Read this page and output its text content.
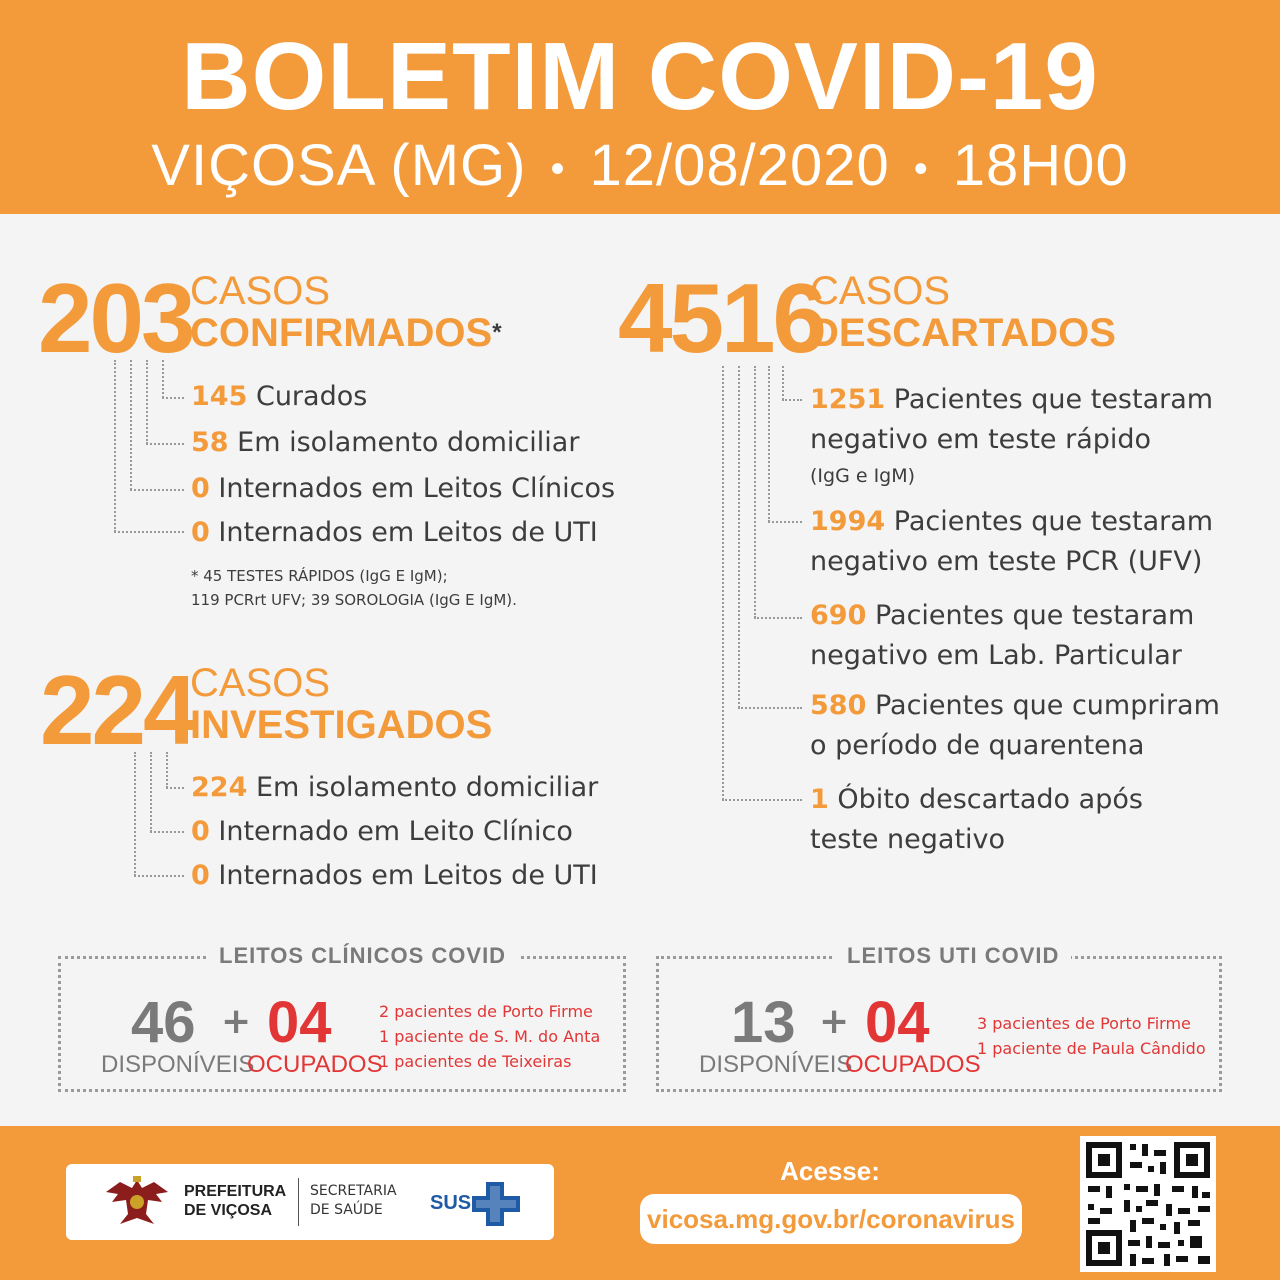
BOLETIM COVID-19
VIÇOSA (MG) • 12/08/2020 • 18H00
203
CASOS
CONFIRMADOS*
145 Curados
58 Em isolamento domiciliar
0 Internados em Leitos Clínicos
0 Internados em Leitos de UTI
* 45 TESTES RÁPIDOS (IgG E IgM);
119 PCRrt UFV; 39 SOROLOGIA (IgG E IgM).
224
CASOS
INVESTIGADOS
224 Em isolamento domiciliar
0 Internado em Leito Clínico
0 Internados em Leitos de UTI
4516
CASOS
DESCARTADOS
1251 Pacientes que testaram
negativo em teste rápido
(IgG e IgM)
1994 Pacientes que testaram
negativo em teste PCR (UFV)
690 Pacientes que testaram
negativo em Lab. Particular
580 Pacientes que cumpriram
o período de quarentena
1 Óbito descartado após
teste negativo
LEITOS CLÍNICOS COVID
46
DISPONÍVEIS
+ 04
OCUPADOS
2 pacientes de Porto Firme
1 paciente de S. M. do Anta
1 pacientes de Teixeiras
LEITOS UTI COVID
13
DISPONÍVEIS
+ 04
OCUPADOS
3 pacientes de Porto Firme
1 paciente de Paula Cândido
PREFEITURA
DE VIÇOSA
SECRETARIA
DE SAÚDE	SUS
Acesse:
vicosa.mg.gov.br/coronavirus
